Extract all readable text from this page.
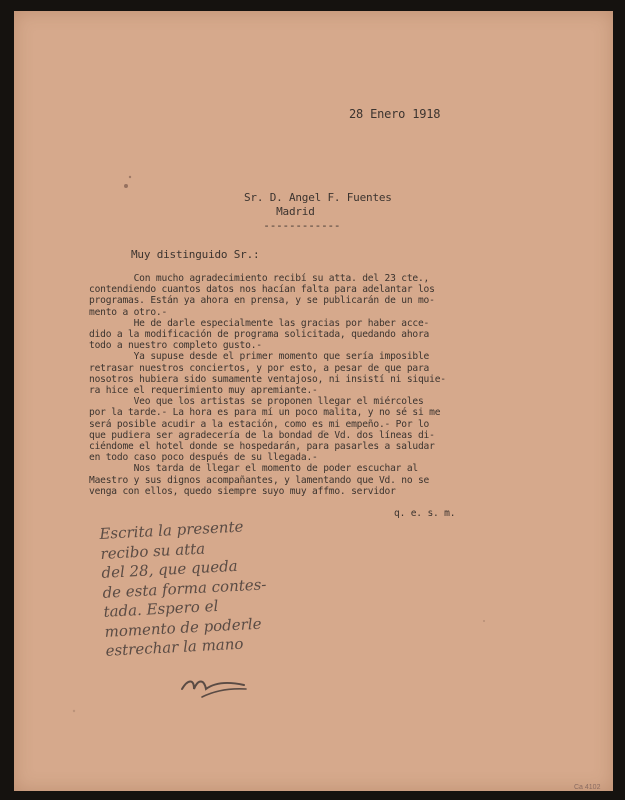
28 Enero 1918

Sr. D. Angel F. Fuentes
Madrid
------------

Muy distinguido Sr.:

Con mucho agradecimiento recibí su atta. del 23 cte.,
contendiendo cuantos datos nos hacían falta para adelantar los
programas. Están ya ahora en prensa, y se publicarán de un mo-
mento a otro.-
He de darle especialmente las gracias por haber acce-
dido a la modificación de programa solicitada, quedando ahora
todo a nuestro completo gusto.-
Ya supuse desde el primer momento que sería imposible
retrasar nuestros conciertos, y por esto, a pesar de que para
nosotros hubiera sido sumamente ventajoso, ni insistí ni siquie-
ra hice el requerimiento muy apremiante.-
Veo que los artistas se proponen llegar el miércoles
por la tarde.- La hora es para mí un poco malita, y no sé si me
será posible acudir a la estación, como es mi empeño.- Por lo
que pudiera ser agradecería de la bondad de Vd. dos líneas di-
ciéndome el hotel donde se hospedarán, para pasarles a saludar
en todo caso poco después de su llegada.-
Nos tarda de llegar el momento de poder escuchar al
Maestro y sus dignos acompañantes, y lamentando que Vd. no se
venga con ellos, quedo siempre suyo muy affmo. servidor

q. e. s. m.

Escrita la presente
recibo su atta
del 28, que queda
de esta forma contes-
tada. Espero el
momento de poderle
estrechar la mano

Ca 4102
